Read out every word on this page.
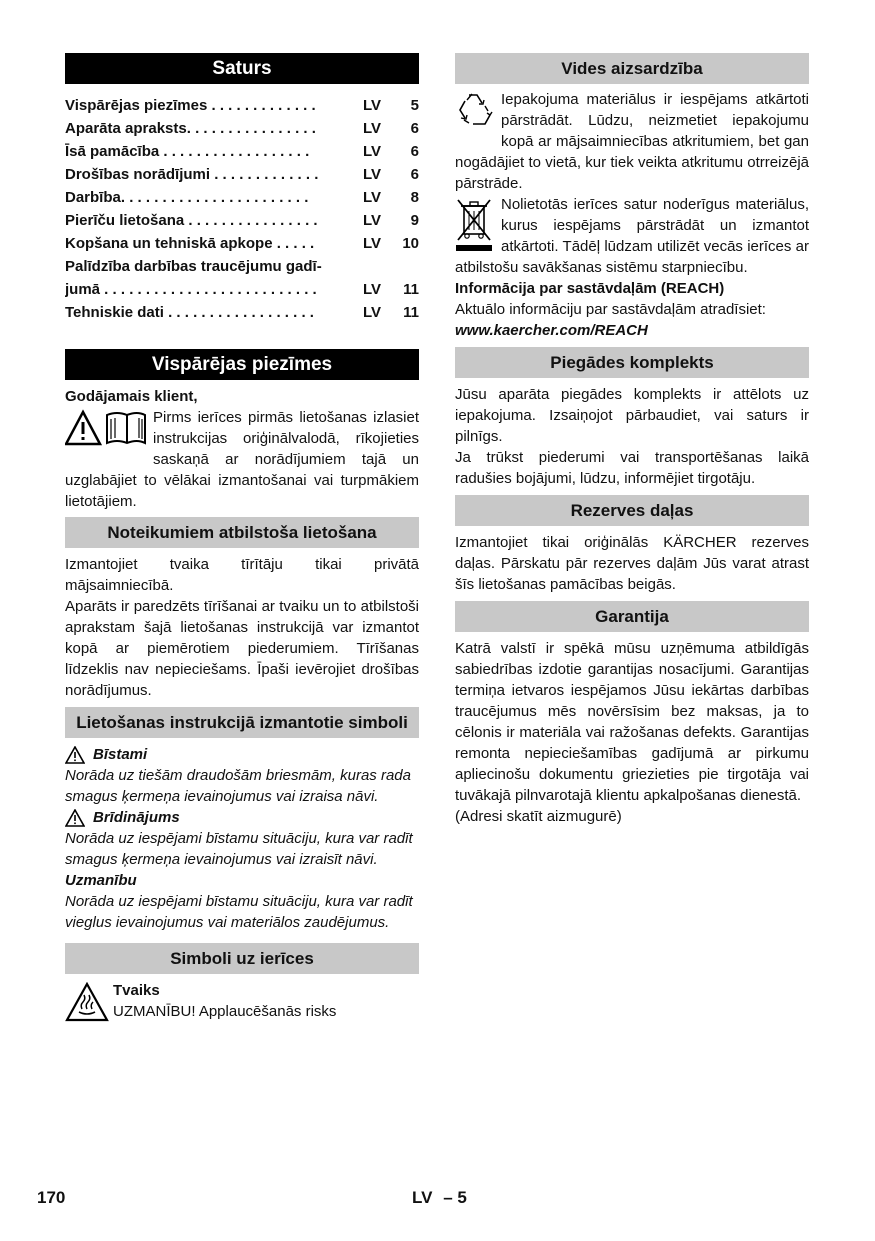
Saturs
Vispārējas piezīmes . . . . . . . . . . . . .	LV	5
Aparāta apraksts. . . . . . . . . . . . . . . .	LV	6
Īsā pamācība . . . . . . . . . . . . . . . . . .	LV	6
Drošības norādījumi . . . . . . . . . . . . .	LV	6
Darbība. . . . . . . . . . . . . . . . . . . . . . .	LV	8
Pierīču lietošana . . . . . . . . . . . . . . . .	LV	9
Kopšana un tehniskā apkope . . . . .	LV	10
Palīdzība darbības traucējumu gadī-
jumā . . . . . . . . . . . . . . . . . . . . . . . . . .	LV	11
Tehniskie dati . . . . . . . . . . . . . . . . . .	LV	11
Vispārējas piezīmes

Godājamais klient,

Pirms ierīces pirmās lietošanas izlasiet instrukcijas oriģinālvalodā, rīkojieties saskaņā ar norādījumiem tajā un uzglabājiet to vēlākai izmantošanai vai turpmākiem lietotājiem.

Noteikumiem atbilstoša lietošana

Izmantojiet tvaika tīrītāju tikai privātā mājsaimniecībā.

Aparāts ir paredzēts tīrīšanai ar tvaiku un to atbilstoši aprakstam šajā lietošanas instrukcijā var izmantot kopā ar piemērotiem piederumiem. Tīrīšanas līdzeklis nav nepieciešams. Īpaši ievērojiet drošības norādījumus.

Lietošanas instrukcijā izmantotie simboli
Bīstami

Norāda uz tiešām draudošām briesmām, kuras rada smagus ķermeņa ievainojumus vai izraisa nāvi.

Brīdinājums

Norāda uz iespējami bīstamu situāciju, kura var radīt smagus ķermeņa ievainojumus vai izraisīt nāvi.

Uzmanību

Norāda uz iespējami bīstamu situāciju, kura var radīt vieglus ievainojumus vai materiālos zaudējumus.

Simboli uz ierīces

Tvaiks

UZMANĪBU! Applaucēšanās risks

Vides aizsardzība

Iepakojuma materiālus ir iespējams atkārtoti pārstrādāt. Lūdzu, neizmetiet iepakojumu kopā ar mājsaimniecības atkritumiem, bet gan nogādājiet to vietā, kur tiek veikta atkritumu otrreizējā pārstrāde.

Nolietotās ierīces satur noderīgus materiālus, kurus iespējams pārstrādāt un izmantot atkārtoti. Tādēļ lūdzam utilizēt vecās ierīces ar atbilstošu savākšanas sistēmu starpniecību.

Informācija par sastāvdaļām (REACH)

Aktuālo informāciju par sastāvdaļām atradīsiet:

www.kaercher.com/REACH

Piegādes komplekts

Jūsu aparāta piegādes komplekts ir attēlots uz iepakojuma. Izsaiņojot pārbaudiet, vai saturs ir pilnīgs.

Ja trūkst piederumi vai transportēšanas laikā radušies bojājumi, lūdzu, informējiet tirgotāju.

Rezerves daļas

Izmantojiet tikai oriģinālās KÄRCHER rezerves daļas. Pārskatu pār rezerves daļām Jūs varat atrast šīs lietošanas pamācības beigās.

Garantija

Katrā valstī ir spēkā mūsu uzņēmuma atbildīgās sabiedrības izdotie garantijas nosacījumi. Garantijas termiņa ietvaros iespējamos Jūsu iekārtas darbības traucējumus mēs novērsīsim bez maksas, ja to cēlonis ir materiāla vai ražošanas defekts. Garantijas remonta nepieciešamības gadījumā ar pirkumu apliecinošu dokumentu griezieties pie tirgotāja vai tuvākajā pilnvarotajā klientu apkalpošanas dienestā.

(Adresi skatīt aizmugurē)

170	LV – 5
